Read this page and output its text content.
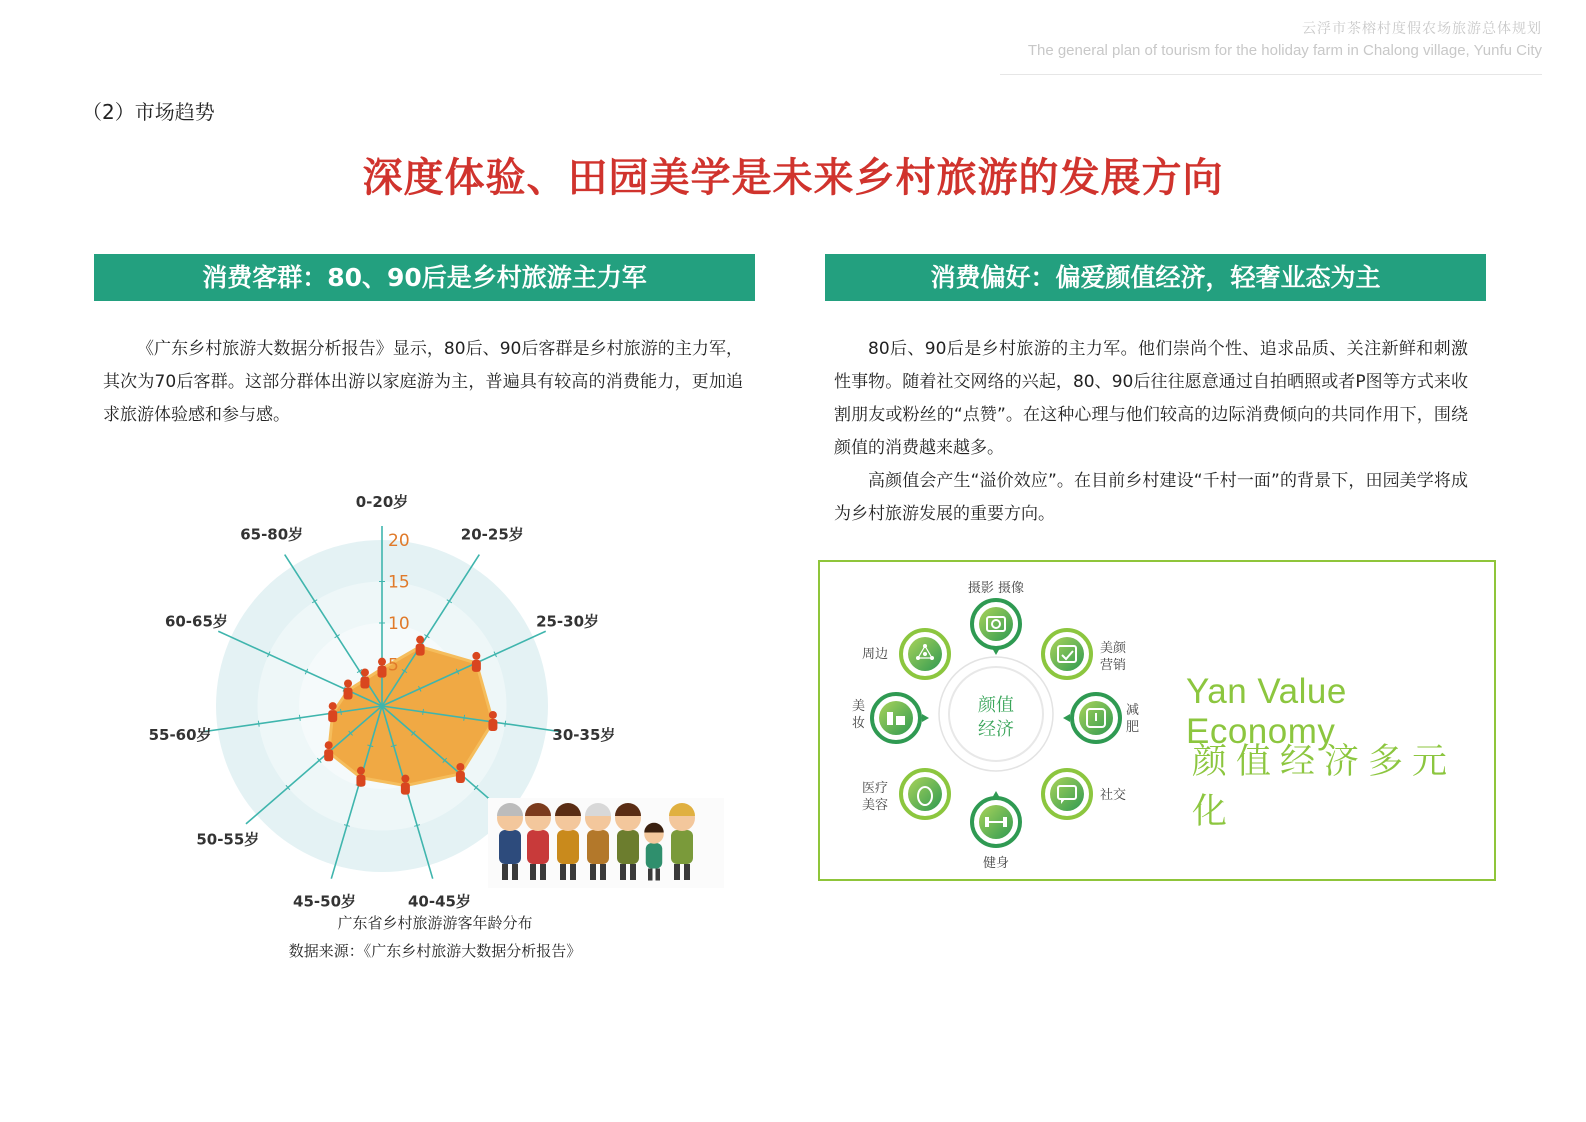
云浮市茶榕村度假农场旅游总体规划
The general plan of tourism for the holiday farm in Chalong village, Yunfu City
（2）市场趋势
深度体验、田园美学是未来乡村旅游的发展方向
消费客群：80、90后是乡村旅游主力军	消费偏好：偏爱颜值经济，轻奢业态为主

《广东乡村旅游大数据分析报告》显示，80后、90后客群是乡村旅游的主力军，其次为70后客群。这部分群体出游以家庭游为主，普遍具有较高的消费能力，更加追求旅游体验感和参与感。

80后、90后是乡村旅游的主力军。他们崇尚个性、追求品质、关注新鲜和刺激性事物。随着社交网络的兴起，80、90后往往愿意通过自拍晒照或者P图等方式来收割朋友或粉丝的“点赞”。在这种心理与他们较高的边际消费倾向的共同作用下，围绕颜值的消费越来越多。

高颜值会产生“溢价效应”。在目前乡村建设“千村一面”的背景下，田园美学将成为乡村旅游发展的重要方向。

0-20岁
20-25岁
25-30岁
30-35岁
40-45岁
45-50岁
50-55岁
55-60岁
60-65岁
65-80岁
5
10
15
20
广东省乡村旅游游客年龄分布
数据来源：《广东乡村旅游大数据分析报告》
颜值
经济
摄影 摄像
美颜
营销
减
肥
社交
健身
医疗
美容
美
妆
周边
Yan Value Economy
颜值经济多元化
